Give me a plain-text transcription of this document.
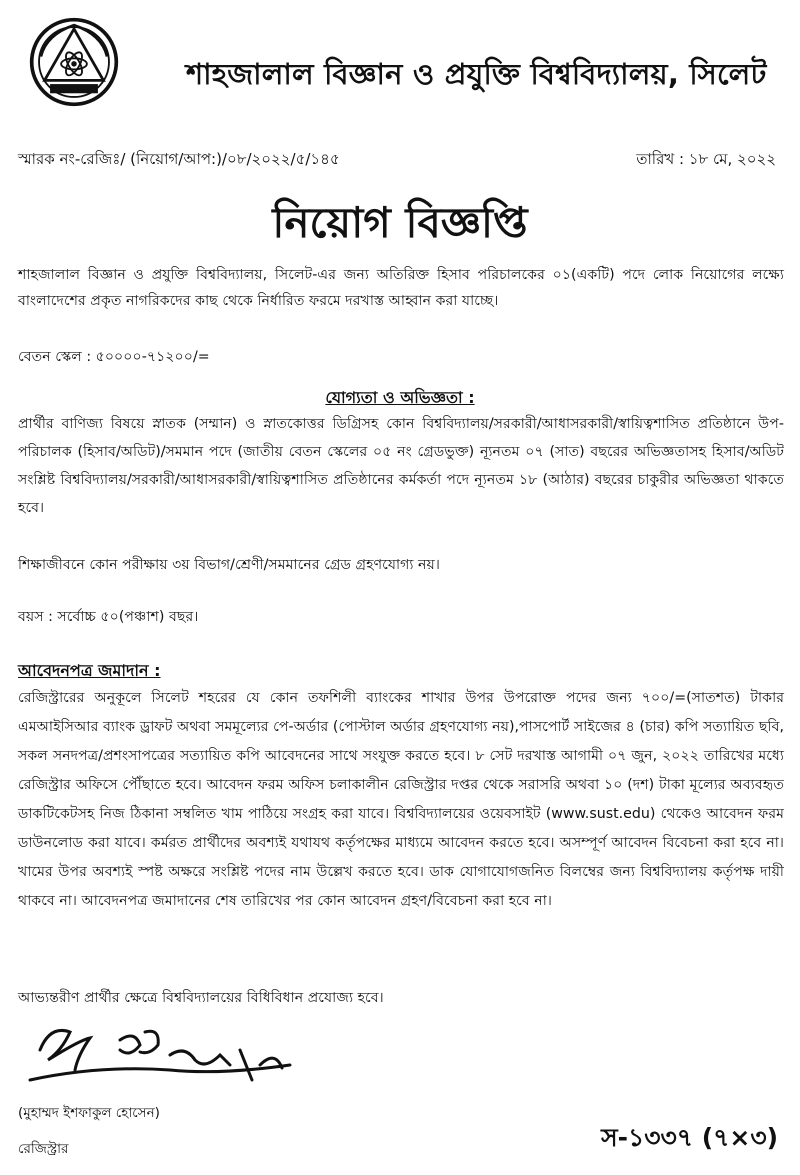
শাহজালাল বিজ্ঞান ও প্রযুক্তি বিশ্ববিদ্যালয়, সিলেট
স্মারক নং-রেজিঃ/ (নিয়োগ/আপ:)/০৮/২০২২/৫/১৪৫	তারিখ : ১৮ মে, ২০২২
নিয়োগ বিজ্ঞপ্তি
শাহজালাল বিজ্ঞান ও প্রযুক্তি বিশ্ববিদ্যালয়, সিলেট-এর জন্য অতিরিক্ত হিসাব পরিচালকের ০১(একটি) পদে লোক নিয়োগের লক্ষ্যে বাংলাদেশের প্রকৃত নাগরিকদের কাছ থেকে নির্ধারিত ফরমে দরখাস্ত আহ্বান করা যাচ্ছে।
বেতন স্কেল : ৫০০০০-৭১২০০/=
যোগ্যতা ও অভিজ্ঞতা :
প্রার্থীর বাণিজ্য বিষয়ে স্নাতক (সম্মান) ও স্নাতকোত্তর ডিগ্রিসহ কোন বিশ্ববিদ্যালয়/সরকারী/আধাসরকারী/স্বায়িত্বশাসিত প্রতিষ্ঠানে উপ-পরিচালক (হিসাব/অডিট)/সমমান পদে (জাতীয় বেতন স্কেলের ০৫ নং গ্রেডভুক্ত) ন্যূনতম ০৭ (সাত) বছরের অভিজ্ঞতাসহ হিসাব/অডিট সংশ্লিষ্ট বিশ্ববিদ্যালয়/সরকারী/আধাসরকারী/স্বায়িত্বশাসিত প্রতিষ্ঠানের কর্মকর্তা পদে ন্যূনতম ১৮ (আঠার) বছরের চাকুরীর অভিজ্ঞতা থাকতে হবে।
শিক্ষাজীবনে কোন পরীক্ষায় ৩য় বিভাগ/শ্রেণী/সমমানের গ্রেড গ্রহণযোগ্য নয়।
বয়স : সর্বোচ্চ ৫০(পঞ্চাশ) বছর।
আবেদনপত্র জমাদান :
রেজিস্ট্রারের অনুকূলে সিলেট শহরের যে কোন তফশিলী ব্যাংকের শাখার উপর উপরোক্ত পদের জন্য ৭০০/=(সাতশত) টাকার এমআইসিআর ব্যাংক ড্রাফট অথবা সমমূল্যের পে-অর্ডার (পোস্টাল অর্ডার গ্রহণযোগ্য নয়),পাসপোর্ট সাইজের ৪ (চার) কপি সত্যায়িত ছবি, সকল সনদপত্র/প্রশংসাপত্রের সত্যায়িত কপি আবেদনের সাথে সংযুক্ত করতে হবে। ৮ সেট দরখাস্ত আগামী ০৭ জুন, ২০২২ তারিখের মধ্যে রেজিস্ট্রার অফিসে পৌঁছাতে হবে। আবেদন ফরম অফিস চলাকালীন রেজিস্ট্রার দপ্তর থেকে সরাসরি অথবা ১০ (দশ) টাকা মূল্যের অব্যবহৃত ডাকটিকেটসহ নিজ ঠিকানা সম্বলিত খাম পাঠিয়ে সংগ্রহ করা যাবে। বিশ্ববিদ্যালয়ের ওয়েবসাইট (www.sust.edu) থেকেও আবেদন ফরম ডাউনলোড করা যাবে। কর্মরত প্রার্থীদের অবশ্যই যথাযথ কর্তৃপক্ষের মাধ্যমে আবেদন করতে হবে। অসম্পূর্ণ আবেদন বিবেচনা করা হবে না। খামের উপর অবশ্যই স্পষ্ট অক্ষরে সংশ্লিষ্ট পদের নাম উল্লেখ করতে হবে। ডাক যোগাযোগজনিত বিলম্বের জন্য বিশ্ববিদ্যালয় কর্তৃপক্ষ দায়ী থাকবে না। আবেদনপত্র জমাদানের শেষ তারিখের পর কোন আবেদন গ্রহণ/বিবেচনা করা হবে না।
আভ্যন্তরীণ প্রার্থীর ক্ষেত্রে বিশ্ববিদ্যালয়ের বিধিবিধান প্রযোজ্য হবে।
(মুহাম্মদ ইশফাকুল হোসেন)
রেজিস্ট্রার	স-১৩৩৭ (৭×৩)
